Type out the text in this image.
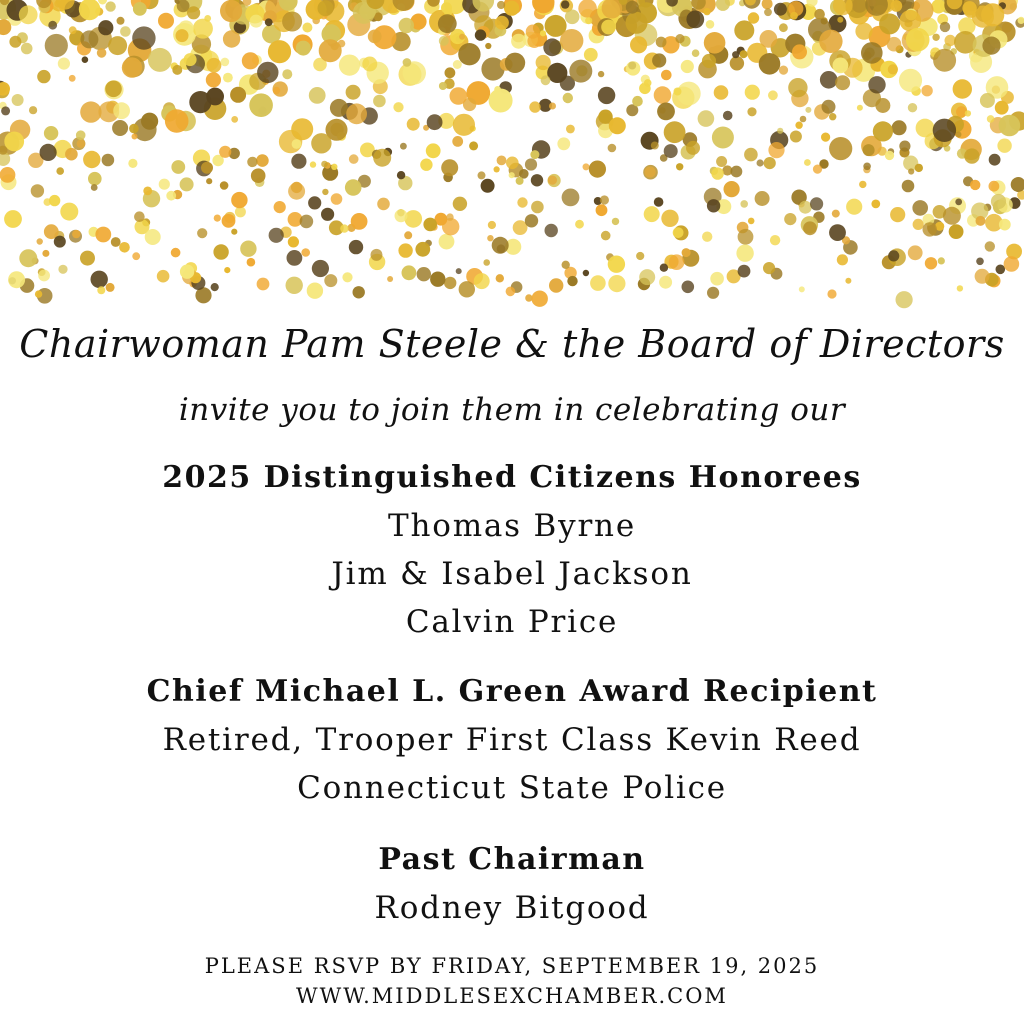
Chairwoman Pam Steele & the Board of Directors
invite you to join them in celebrating our
2025 Distinguished Citizens Honorees
Thomas Byrne
Jim & Isabel Jackson
Calvin Price
Chief Michael L. Green Award Recipient
Retired, Trooper First Class Kevin Reed
Connecticut State Police
Past Chairman
Rodney Bitgood
PLEASE RSVP BY FRIDAY, SEPTEMBER 19, 2025
WWW.MIDDLESEXCHAMBER.COM
